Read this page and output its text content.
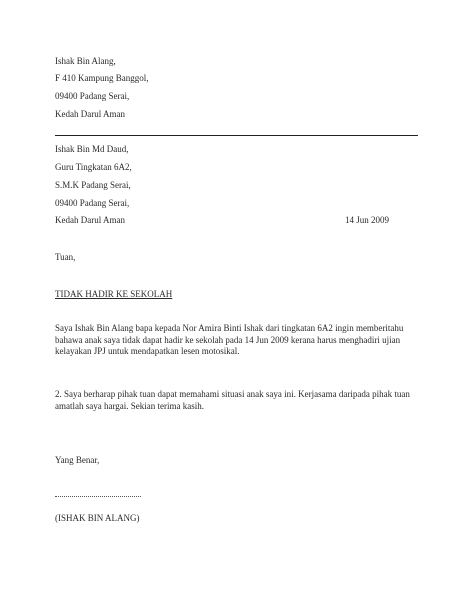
Ishak Bin Alang,
F 410 Kampung Banggol,
09400 Padang Serai,
Kedah Darul Aman
Ishak Bin Md Daud,
Guru Tingkatan 6A2,
S.M.K Padang Serai,
09400 Padang Serai,
Kedah Darul Aman	14 Jun 2009
Tuan,
TIDAK HADIR KE SEKOLAH
Saya Ishak Bin Alang bapa kepada Nor Amira Binti Ishak dari tingkatan 6A2 ingin memberitahu bahawa anak saya tidak dapat hadir ke sekolah pada 14 Jun 2009 kerana harus menghadiri ujian kelayakan JPJ untuk mendapatkan lesen motosikal.
2. Saya berharap pihak tuan dapat memahami situasi anak saya ini. Kerjasama daripada pihak tuan amatlah saya hargai. Sekian terima kasih.
Yang Benar,
(ISHAK BIN ALANG)
